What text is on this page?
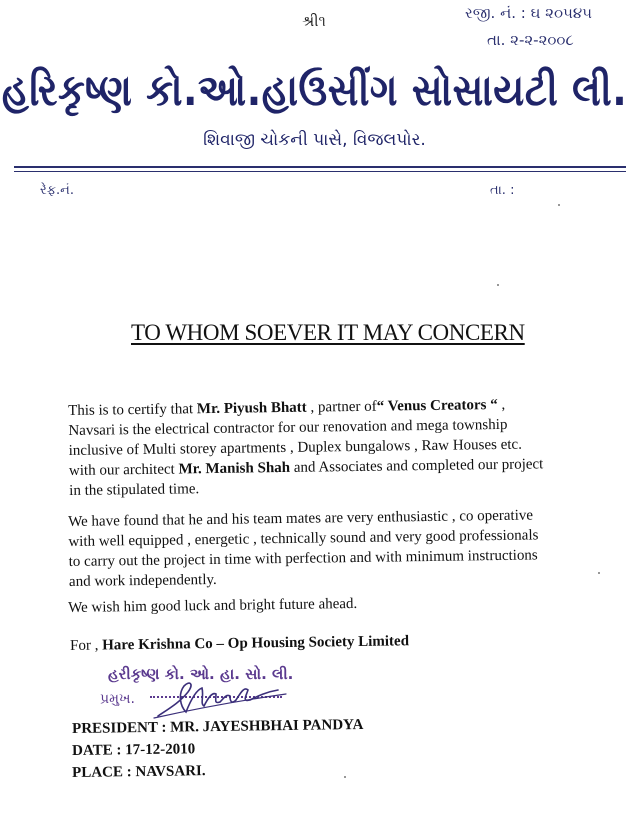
શ્રી૧	રજી. નં. : ઘ ૨૦૫૪૫
તા. ૨-૨-૨૦૦૮
હરિકૃષ્ણ કો.ઓ.હાઉસીંગ સોસાયટી લી.
શિવાજી ચોકની પાસે, વિજલપોર.
રેફ.નં.	તા. :
TO WHOM SOEVER IT MAY CONCERN
This is to certify that Mr. Piyush Bhatt , partner of“ Venus Creators “ , Navsari is the electrical contractor for our renovation and mega township inclusive of Multi storey apartments , Duplex bungalows , Raw Houses etc. with our architect Mr. Manish Shah and Associates and completed our project in the stipulated time.
We have found that he and his team mates are very enthusiastic , co operative with well equipped , energetic , technically sound and very good professionals to carry out the project in time with perfection and with minimum instructions and work independently.
We wish him good luck and bright future ahead.
For , Hare Krishna Co – Op Housing Society Limited
હરીકૃષ્ણ કો. ઓ. હા. સો. લી.
પ્રમુખ.
PRESIDENT : MR. JAYESHBHAI PANDYA
DATE : 17-12-2010
PLACE : NAVSARI.
